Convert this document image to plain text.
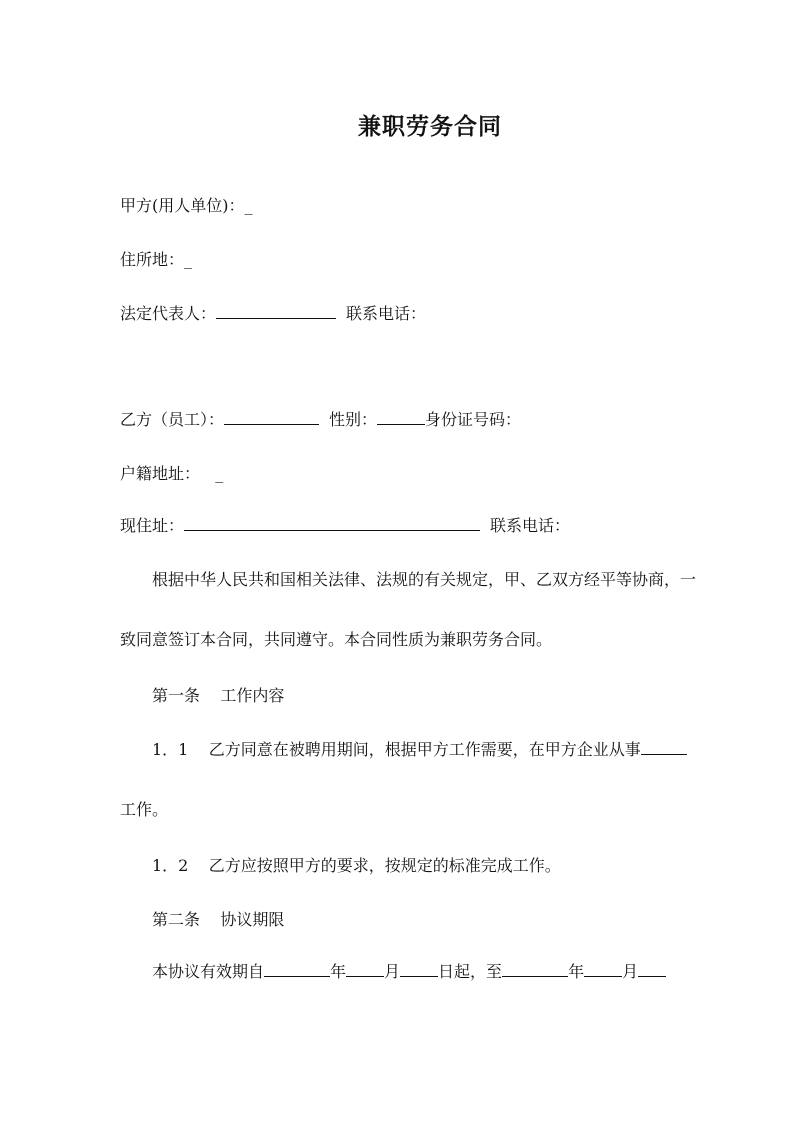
兼职劳务合同
甲方(用人单位)：_
住所地：_
法定代表人：	联系电话：
乙方（员工）：	性别：	身份证号码：
户籍地址：   _
现住址：	联系电话：
根据中华人民共和国相关法律、法规的有关规定，甲、乙双方经平等协商，一
致同意签订本合同，共同遵守。本合同性质为兼职劳务合同。
第一条    工作内容
1．1    乙方同意在被聘用期间，根据甲方工作需要，在甲方企业从事
工作。
1．2    乙方应按照甲方的要求，按规定的标准完成工作。
第二条    协议期限
本协议有效期自	年 月 日起，至	年 月
